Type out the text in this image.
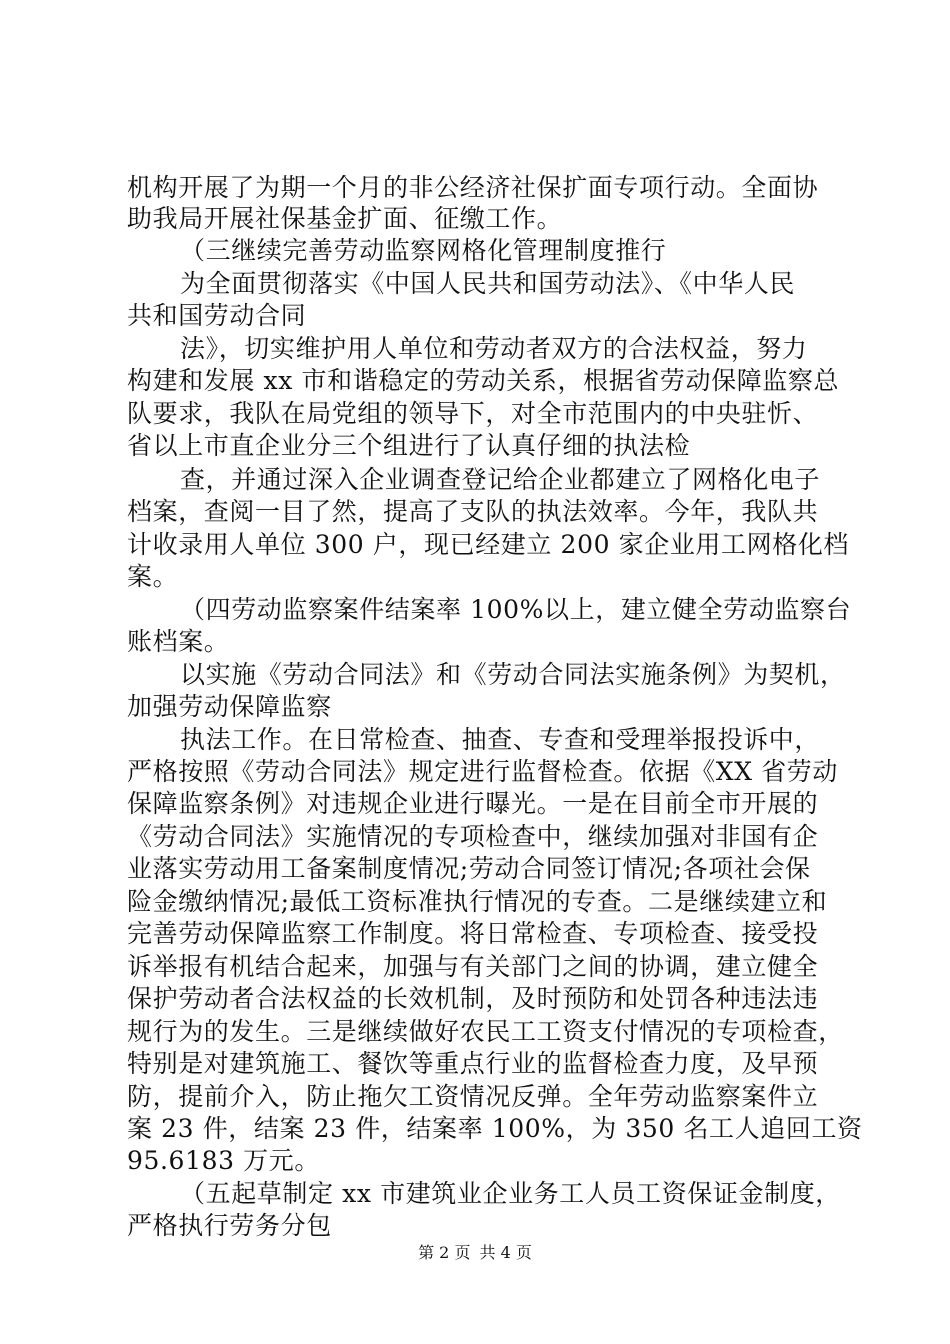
机构开展了为期一个月的非公经济社保扩面专项行动。全面协
助我局开展社保基金扩面、征缴工作。
（三继续完善劳动监察网格化管理制度推行
为全面贯彻落实《中国人民共和国劳动法》、《中华人民
共和国劳动合同
法》，切实维护用人单位和劳动者双方的合法权益，努力
构建和发展 xx 市和谐稳定的劳动关系，根据省劳动保障监察总
队要求，我队在局党组的领导下，对全市范围内的中央驻忻、
省以上市直企业分三个组进行了认真仔细的执法检
查，并通过深入企业调查登记给企业都建立了网格化电子
档案，查阅一目了然，提高了支队的执法效率。今年，我队共
计收录用人单位 300 户，现已经建立 200 家企业用工网格化档
案。
（四劳动监察案件结案率 100%以上，建立健全劳动监察台
账档案。
以实施《劳动合同法》和《劳动合同法实施条例》为契机，
加强劳动保障监察
执法工作。在日常检查、抽查、专查和受理举报投诉中，
严格按照《劳动合同法》规定进行监督检查。依据《XX 省劳动
保障监察条例》对违规企业进行曝光。一是在目前全市开展的
《劳动合同法》实施情况的专项检查中，继续加强对非国有企
业落实劳动用工备案制度情况;劳动合同签订情况;各项社会保
险金缴纳情况;最低工资标准执行情况的专查。二是继续建立和
完善劳动保障监察工作制度。将日常检查、专项检查、接受投
诉举报有机结合起来，加强与有关部门之间的协调，建立健全
保护劳动者合法权益的长效机制，及时预防和处罚各种违法违
规行为的发生。三是继续做好农民工工资支付情况的专项检查，
特别是对建筑施工、餐饮等重点行业的监督检查力度，及早预
防，提前介入，防止拖欠工资情况反弹。全年劳动监察案件立
案 23 件，结案 23 件，结案率 100%，为 350 名工人追回工资
95.6183 万元。
（五起草制定 xx 市建筑业企业务工人员工资保证金制度，
严格执行劳务分包
第 2 页 共 4 页
